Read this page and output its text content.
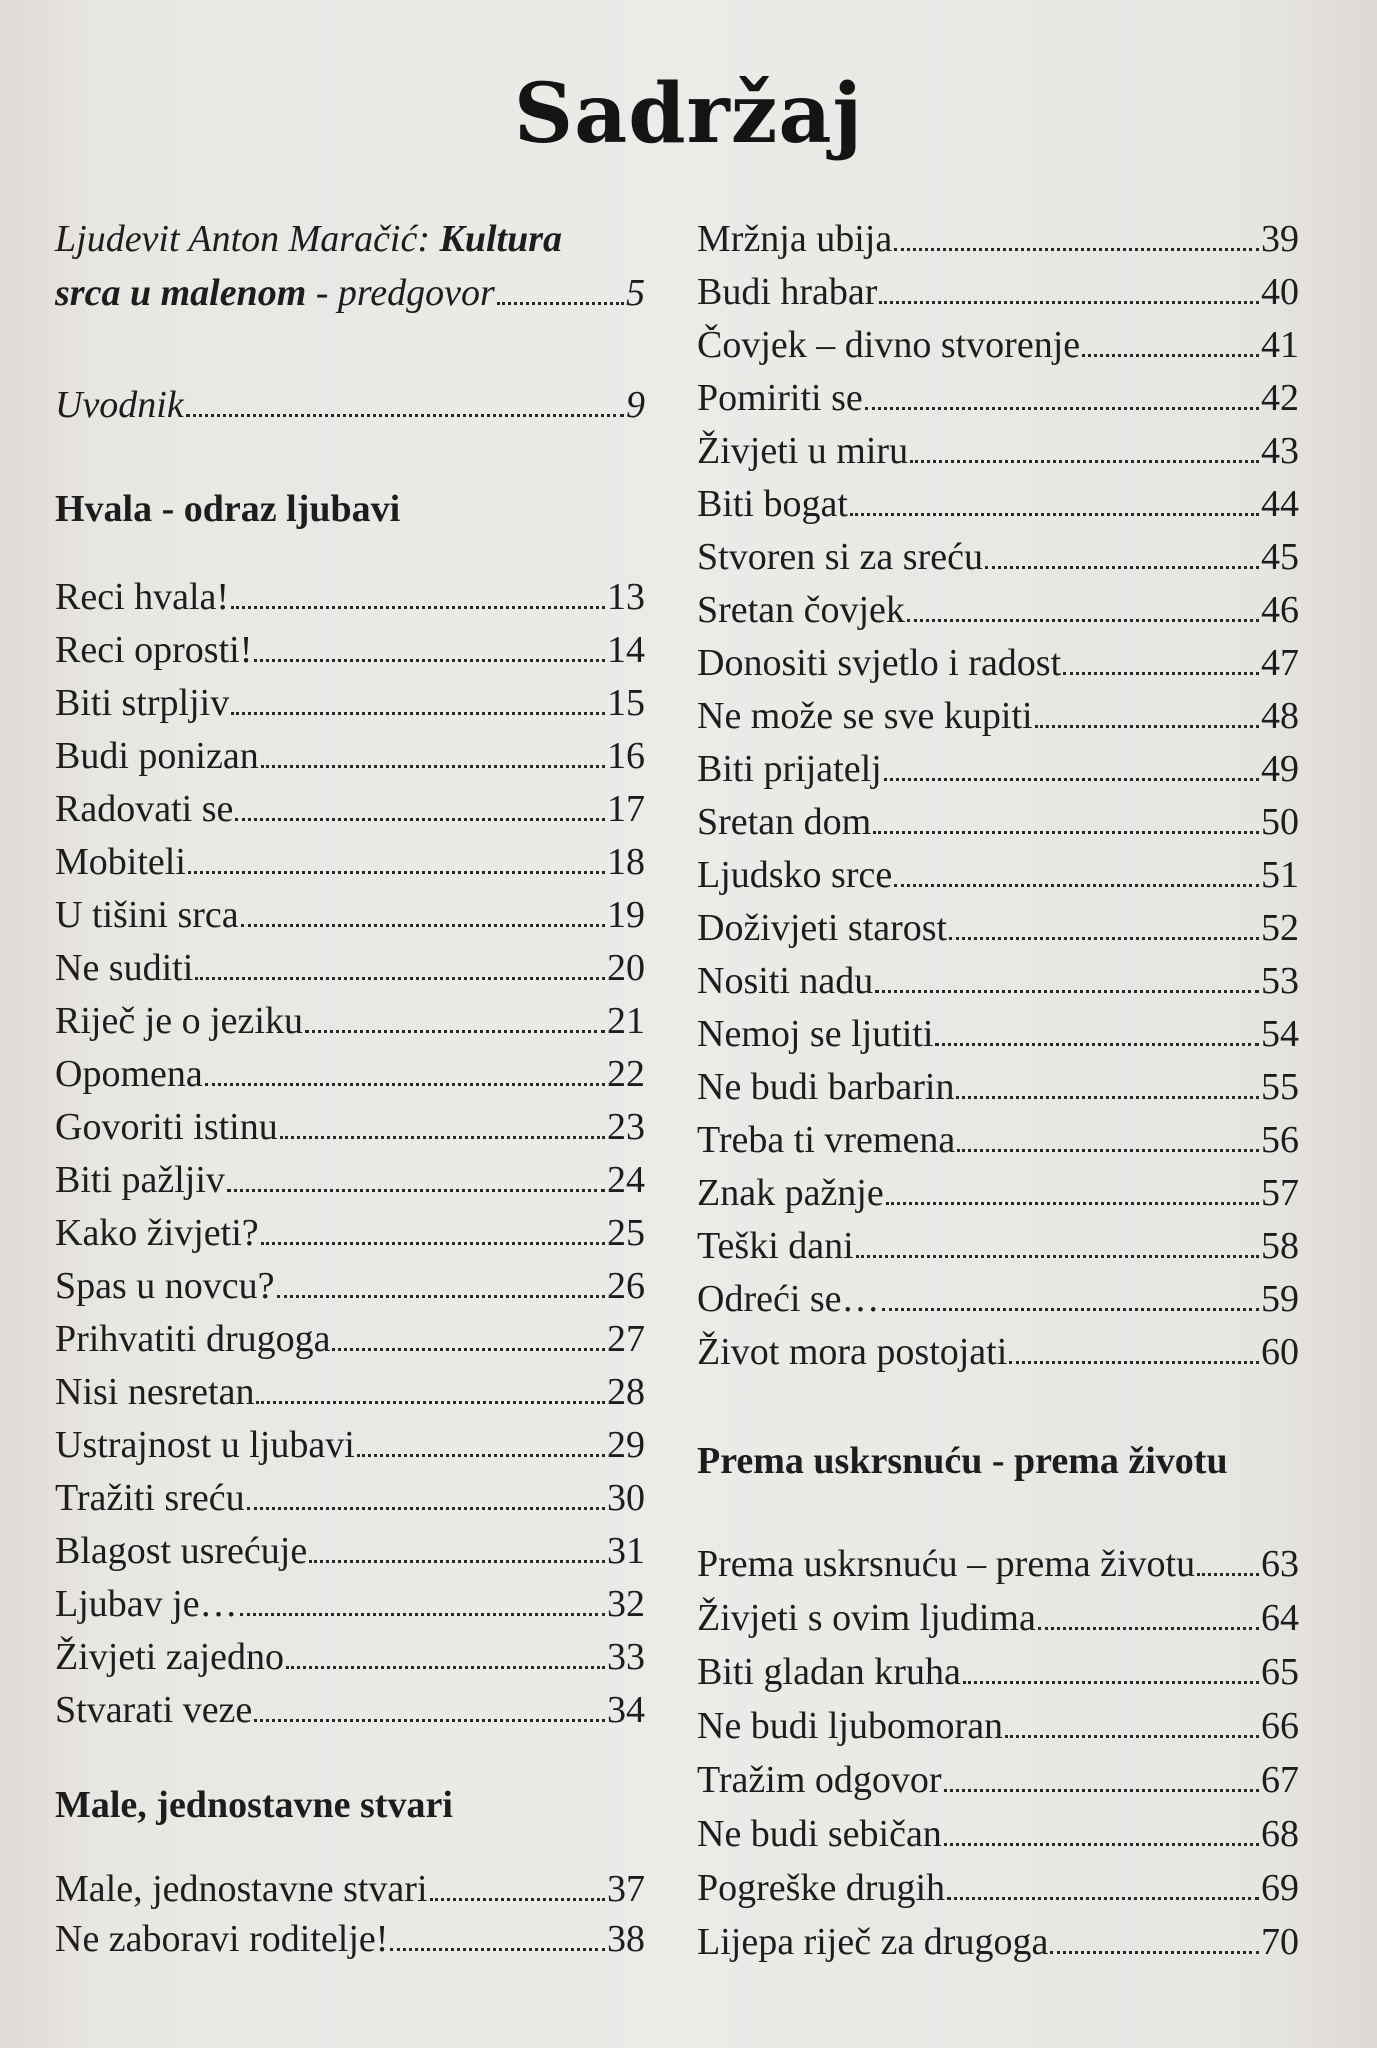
Sadržaj
Ljudevit Anton Maračić: Kultura
srca u malenom - predgovor	5
Uvodnik	9
Hvala - odraz ljubavi
Reci hvala!	13
Reci oprosti!	14
Biti strpljiv	15
Budi ponizan	16
Radovati se	17
Mobiteli	18
U tišini srca	19
Ne suditi	20
Riječ je o jeziku	21
Opomena	22
Govoriti istinu	23
Biti pažljiv	24
Kako živjeti?	25
Spas u novcu?	26
Prihvatiti drugoga	27
Nisi nesretan	28
Ustrajnost u ljubavi	29
Tražiti sreću	30
Blagost usrećuje	31
Ljubav je…	32
Živjeti zajedno	33
Stvarati veze	34
Male, jednostavne stvari
Male, jednostavne stvari	37
Ne zaboravi roditelje!	38
Mržnja ubija	39
Budi hrabar	40
Čovjek – divno stvorenje	41
Pomiriti se	42
Živjeti u miru	43
Biti bogat	44
Stvoren si za sreću	45
Sretan čovjek	46
Donositi svjetlo i radost	47
Ne može se sve kupiti	48
Biti prijatelj	49
Sretan dom	50
Ljudsko srce	51
Doživjeti starost	52
Nositi nadu	53
Nemoj se ljutiti	54
Ne budi barbarin	55
Treba ti vremena	56
Znak pažnje	57
Teški dani	58
Odreći se…	59
Život mora postojati	60
Prema uskrsnuću - prema životu
Prema uskrsnuću – prema životu 63
Živjeti s ovim ljudima	64
Biti gladan kruha	65
Ne budi ljubomoran	66
Tražim odgovor	67
Ne budi sebičan	68
Pogreške drugih	69
Lijepa riječ za drugoga	70
